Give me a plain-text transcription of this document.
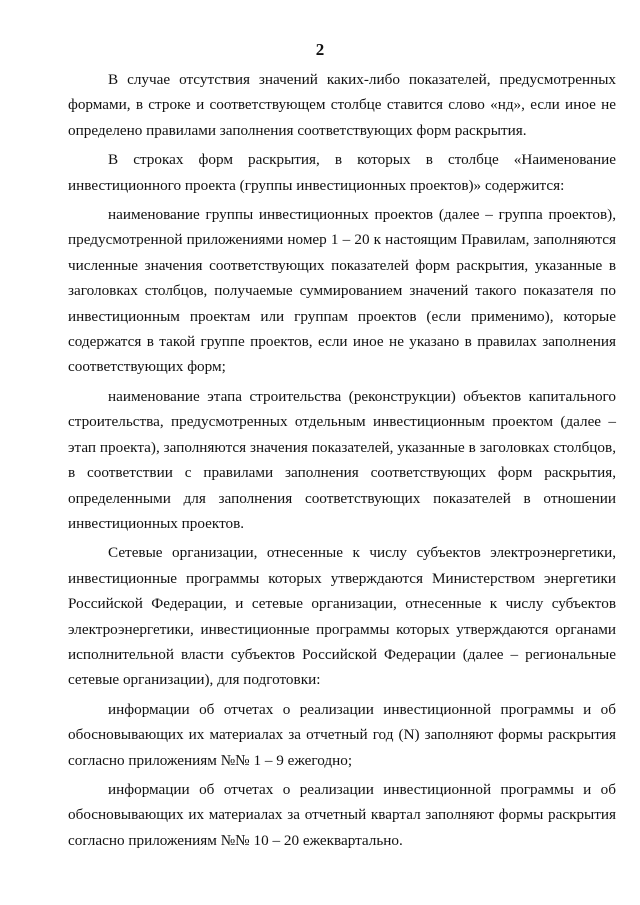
2

В случае отсутствия значений каких-либо показателей, предусмотренных формами, в строке и соответствующем столбце ставится слово «нд», если иное не определено правилами заполнения соответствующих форм раскрытия.

В строках форм раскрытия, в которых в столбце «Наименование инвестиционного проекта (группы инвестиционных проектов)» содержится:

наименование группы инвестиционных проектов (далее – группа проектов), предусмотренной приложениями номер 1 – 20 к настоящим Правилам, заполняются численные значения соответствующих показателей форм раскрытия, указанные в заголовках столбцов, получаемые суммированием значений такого показателя по инвестиционным проектам или группам проектов (если применимо), которые содержатся в такой группе проектов, если иное не указано в правилах заполнения соответствующих форм;

наименование этапа строительства (реконструкции) объектов капитального строительства, предусмотренных отдельным инвестиционным проектом (далее – этап проекта), заполняются значения показателей, указанные в заголовках столбцов, в соответствии с правилами заполнения соответствующих форм раскрытия, определенными для заполнения соответствующих показателей в отношении инвестиционных проектов.

Сетевые организации, отнесенные к числу субъектов электроэнергетики, инвестиционные программы которых утверждаются Министерством энергетики Российской Федерации, и сетевые организации, отнесенные к числу субъектов электроэнергетики, инвестиционные программы которых утверждаются органами исполнительной власти субъектов Российской Федерации (далее – региональные сетевые организации), для подготовки:

информации об отчетах о реализации инвестиционной программы и об обосновывающих их материалах за отчетный год (N) заполняют формы раскрытия согласно приложениям №№ 1 – 9 ежегодно;

информации об отчетах о реализации инвестиционной программы и об обосновывающих их материалах за отчетный квартал заполняют формы раскрытия согласно приложениям №№ 10 – 20 ежеквартально.
